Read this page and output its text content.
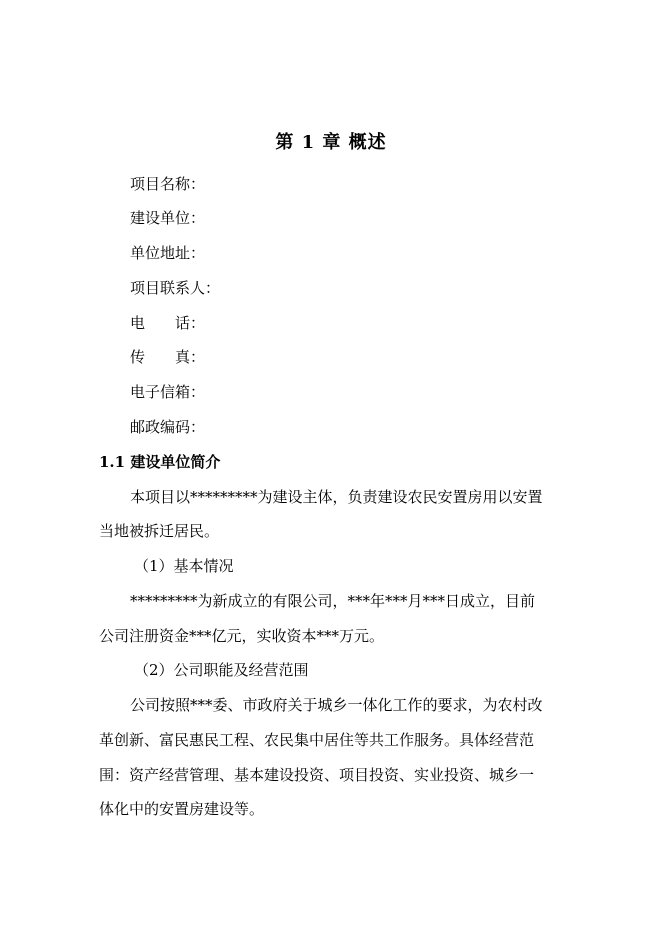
第 1 章 概述
项目名称：
建设单位：
单位地址：
项目联系人：
电　　话：
传　　真：
电子信箱：
邮政编码：
1.1 建设单位简介
本项目以*********为建设主体，负责建设农民安置房用以安置
当地被拆迁居民。
（1）基本情况
*********为新成立的有限公司，***年***月***日成立，目前
公司注册资金***亿元，实收资本***万元。
（2）公司职能及经营范围
公司按照***委、市政府关于城乡一体化工作的要求，为农村改
革创新、富民惠民工程、农民集中居住等共工作服务。具体经营范
围：资产经营管理、基本建设投资、项目投资、实业投资、城乡一
体化中的安置房建设等。
